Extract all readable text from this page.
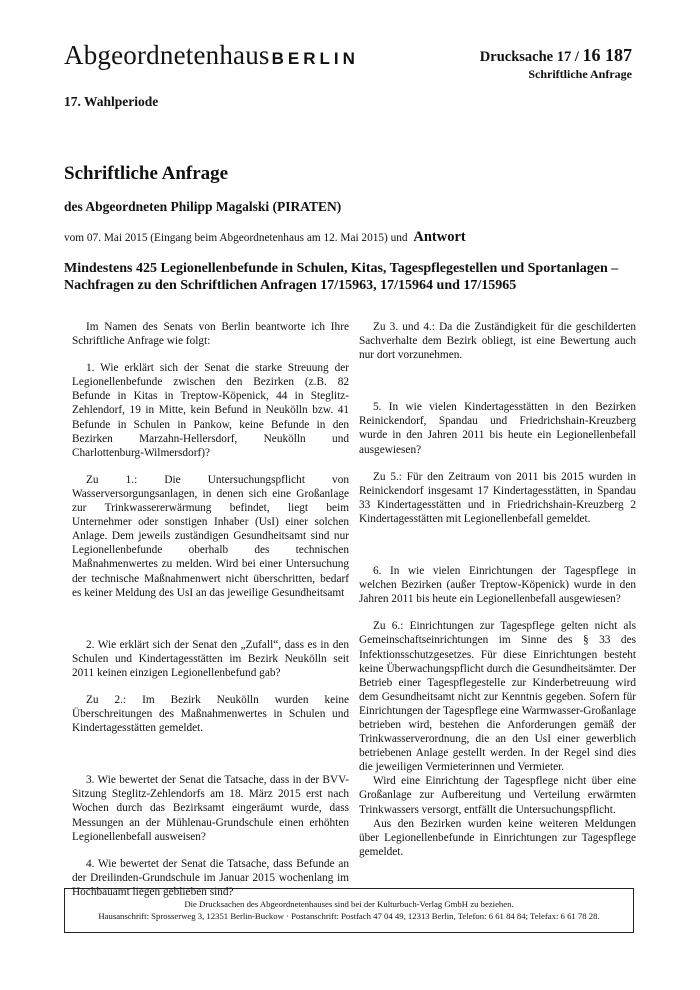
Abgeordnetenhaus BERLIN	Drucksache 17 / 16 187
Schriftliche Anfrage
17. Wahlperiode
Schriftliche Anfrage
des Abgeordneten Philipp Magalski (PIRATEN)
vom 07. Mai 2015 (Eingang beim Abgeordnetenhaus am 12. Mai 2015) und Antwort
Mindestens 425 Legionellenbefunde in Schulen, Kitas, Tagespflegestellen und Sportanlagen – Nachfragen zu den Schriftlichen Anfragen 17/15963, 17/15964 und 17/15965

Im Namen des Senats von Berlin beantworte ich Ihre Schriftliche Anfrage wie folgt:

1. Wie erklärt sich der Senat die starke Streuung der Legionellenbefunde zwischen den Bezirken (z.B. 82 Befunde in Kitas in Treptow-Köpenick, 44 in Steglitz-Zehlendorf, 19 in Mitte, kein Befund in Neukölln bzw. 41 Befunde in Schulen in Pankow, keine Befunde in den Bezirken Marzahn-Hellersdorf, Neukölln und Charlottenburg-Wilmersdorf)?

Zu 1.: Die Untersuchungspflicht von Wasserversorgungsanlagen, in denen sich eine Großanlage zur Trinkwassererwärmung befindet, liegt beim Unternehmer oder sonstigen Inhaber (UsI) einer solchen Anlage. Dem jeweils zuständigen Gesundheitsamt sind nur Legionellenbefunde oberhalb des technischen Maßnahmenwertes zu melden. Wird bei einer Untersuchung der technische Maßnahmenwert nicht überschritten, bedarf es keiner Meldung des UsI an das jeweilige Gesundheitsamt

2. Wie erklärt sich der Senat den „Zufall“, dass es in den Schulen und Kindertagesstätten im Bezirk Neukölln seit 2011 keinen einzigen Legionellenbefund gab?

Zu 2.: Im Bezirk Neukölln wurden keine Überschreitungen des Maßnahmenwertes in Schulen und Kindertagesstätten gemeldet.

3. Wie bewertet der Senat die Tatsache, dass in der BVV-Sitzung Steglitz-Zehlendorfs am 18. März 2015 erst nach Wochen durch das Bezirksamt eingeräumt wurde, dass Messungen an der Mühlenau-Grundschule einen erhöhten Legionellenbefall ausweisen?

4. Wie bewertet der Senat die Tatsache, dass Befunde an der Dreilinden-Grundschule im Januar 2015 wochenlang im Hochbauamt liegen geblieben sind?

Zu 3. und 4.: Da die Zuständigkeit für die geschilderten Sachverhalte dem Bezirk obliegt, ist eine Bewertung auch nur dort vorzunehmen.

5. In wie vielen Kindertagesstätten in den Bezirken Reinickendorf, Spandau und Friedrichshain-Kreuzberg wurde in den Jahren 2011 bis heute ein Legionellenbefall ausgewiesen?

Zu 5.: Für den Zeitraum von 2011 bis 2015 wurden in Reinickendorf insgesamt 17 Kindertagesstätten, in Spandau 33 Kindertagesstätten und in Friedrichshain-Kreuzberg 2 Kindertagesstätten mit Legionellenbefall gemeldet.

6. In wie vielen Einrichtungen der Tagespflege in welchen Bezirken (außer Treptow-Köpenick) wurde in den Jahren 2011 bis heute ein Legionellenbefall ausgewiesen?

Zu 6.: Einrichtungen zur Tagespflege gelten nicht als Gemeinschaftseinrichtungen im Sinne des § 33 des Infektionsschutzgesetzes. Für diese Einrichtungen besteht keine Überwachungspflicht durch die Gesundheitsämter. Der Betrieb einer Tagespflegestelle zur Kinderbetreuung wird dem Gesundheitsamt nicht zur Kenntnis gegeben. Sofern für Einrichtungen der Tagespflege eine Warmwasser-Großanlage betrieben wird, bestehen die Anforderungen gemäß der Trinkwasserverordnung, die an den UsI einer gewerblich betriebenen Anlage gestellt werden. In der Regel sind dies die jeweiligen Vermieterinnen und Vermieter.

Wird eine Einrichtung der Tagespflege nicht über eine Großanlage zur Aufbereitung und Verteilung erwärmten Trinkwassers versorgt, entfällt die Untersuchungspflicht.

Aus den Bezirken wurden keine weiteren Meldungen über Legionellenbefunde in Einrichtungen zur Tagespflege gemeldet.

Die Drucksachen des Abgeordnetenhauses sind bei der Kulturbuch-Verlag GmbH zu beziehen.
Hausanschrift: Sprosserweg 3, 12351 Berlin-Buckow · Postanschrift: Postfach 47 04 49, 12313 Berlin, Telefon: 6 61 84 84; Telefax: 6 61 78 28.
